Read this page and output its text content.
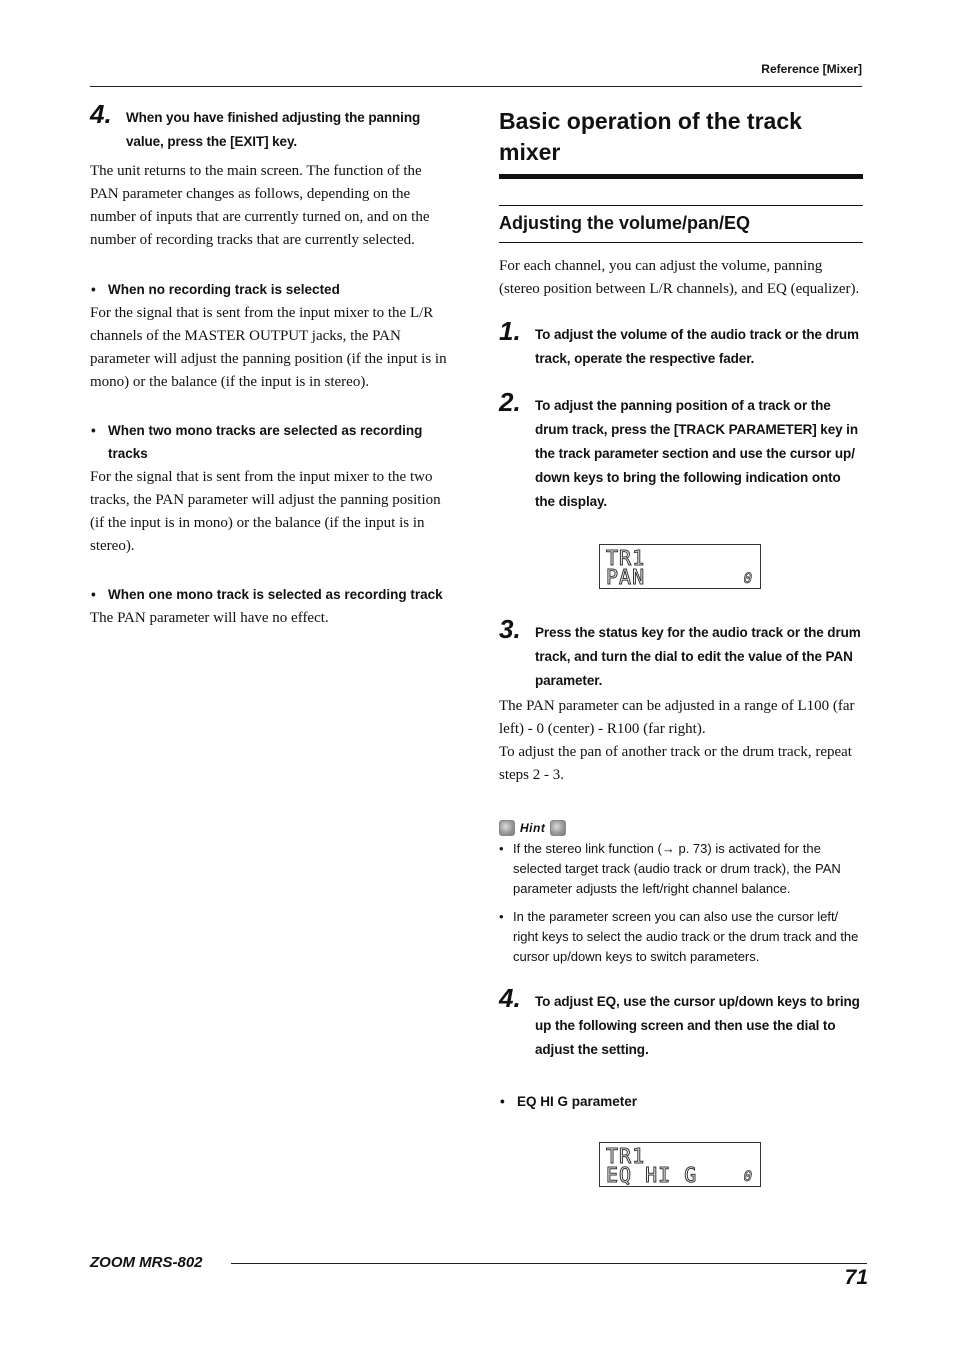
Reference [Mixer]
4. When you have finished adjusting the panning value, press the [EXIT] key.

The unit returns to the main screen. The function of the PAN parameter changes as follows, depending on the number of inputs that are currently turned on, and on the number of recording tracks that are currently selected.

• When no recording track is selected

For the signal that is sent from the input mixer to the L/R channels of the MASTER OUTPUT jacks, the PAN parameter will adjust the panning position (if the input is in mono) or the balance (if the input is in stereo).

• When two mono tracks are selected as recording tracks

For the signal that is sent from the input mixer to the two tracks, the PAN parameter will adjust the panning position (if the input is in mono) or the balance (if the input is in stereo).

• When one mono track is selected as recording track

The PAN parameter will have no effect.

Basic operation of the track mixer
Adjusting the volume/pan/EQ

For each channel, you can adjust the volume, panning (stereo position between L/R channels), and EQ (equalizer).

1. To adjust the volume of the audio track or the drum track, operate the respective fader.
2. To adjust the panning position of a track or the drum track, press the [TRACK PARAMETER] key in the track parameter section and use the cursor up/ down keys to bring the following indication onto the display.
TR1
PAN	0
3. Press the status key for the audio track or the drum track, and turn the dial to edit the value of the PAN parameter.

The PAN parameter can be adjusted in a range of L100 (far left) - 0 (center) - R100 (far right).

To adjust the pan of another track or the drum track, repeat steps 2 - 3.

Hint
• If the stereo link function (→ p. 73) is activated for the selected target track (audio track or drum track), the PAN parameter adjusts the left/right channel balance.
• In the parameter screen you can also use the cursor left/ right keys to select the audio track or the drum track and the cursor up/down keys to switch parameters.
4. To adjust EQ, use the cursor up/down keys to bring up the following screen and then use the dial to adjust the setting.
• EQ HI G parameter
TR1
EQ HI G	0
ZOOM MRS-802
71
